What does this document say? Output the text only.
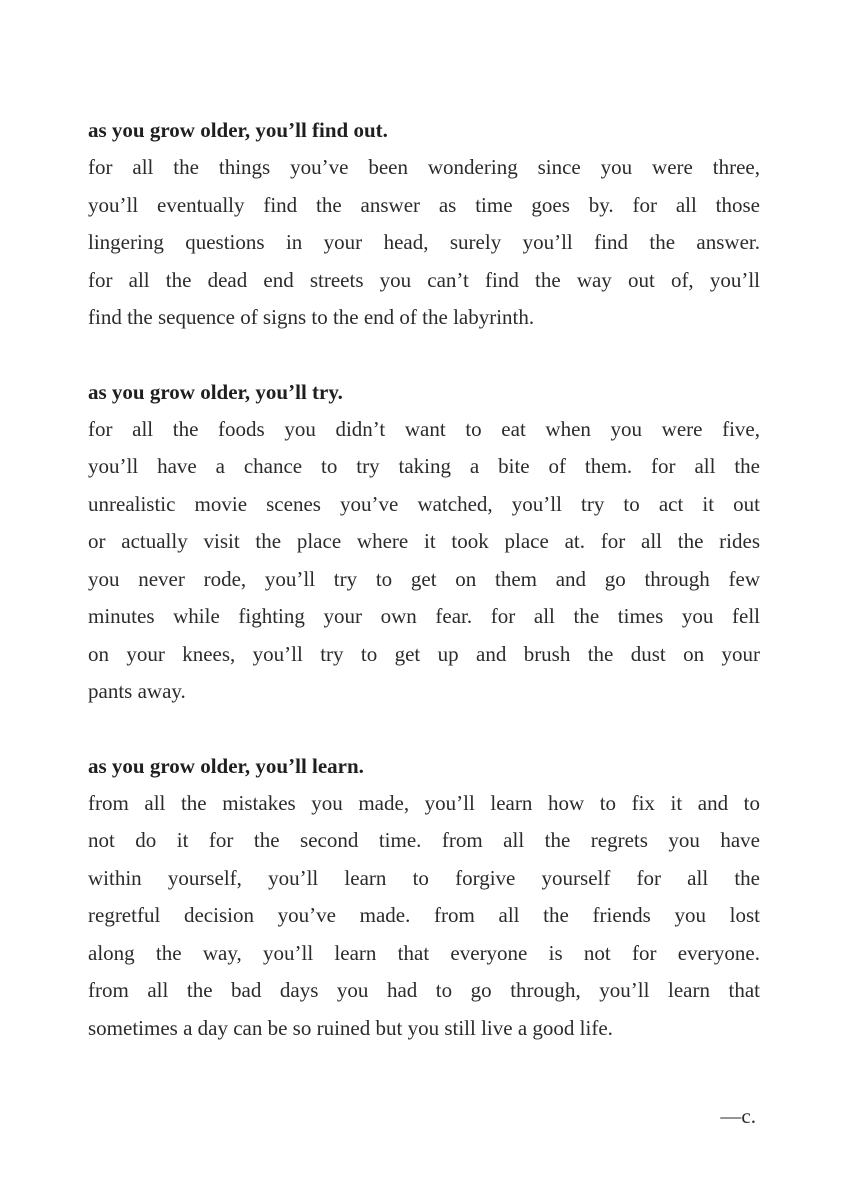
as you grow older, you’ll find out.

for all the things you’ve been wondering since you were three,
you’ll eventually find the answer as time goes by. for all those
lingering questions in your head, surely you’ll find the answer.
for all the dead end streets you can’t find the way out of, you’ll
find the sequence of signs to the end of the labyrinth.

as you grow older, you’ll try.

for all the foods you didn’t want to eat when you were five,
you’ll have a chance to try taking a bite of them. for all the
unrealistic movie scenes you’ve watched, you’ll try to act it out
or actually visit the place where it took place at. for all the rides
you never rode, you’ll try to get on them and go through few
minutes while fighting your own fear. for all the times you fell
on your knees, you’ll try to get up and brush the dust on your
pants away.

as you grow older, you’ll learn.

from all the mistakes you made, you’ll learn how to fix it and to
not do it for the second time. from all the regrets you have
within yourself, you’ll learn to forgive yourself for all the
regretful decision you’ve made. from all the friends you lost
along the way, you’ll learn that everyone is not for everyone.
from all the bad days you had to go through, you’ll learn that
sometimes a day can be so ruined but you still live a good life.
—c.
